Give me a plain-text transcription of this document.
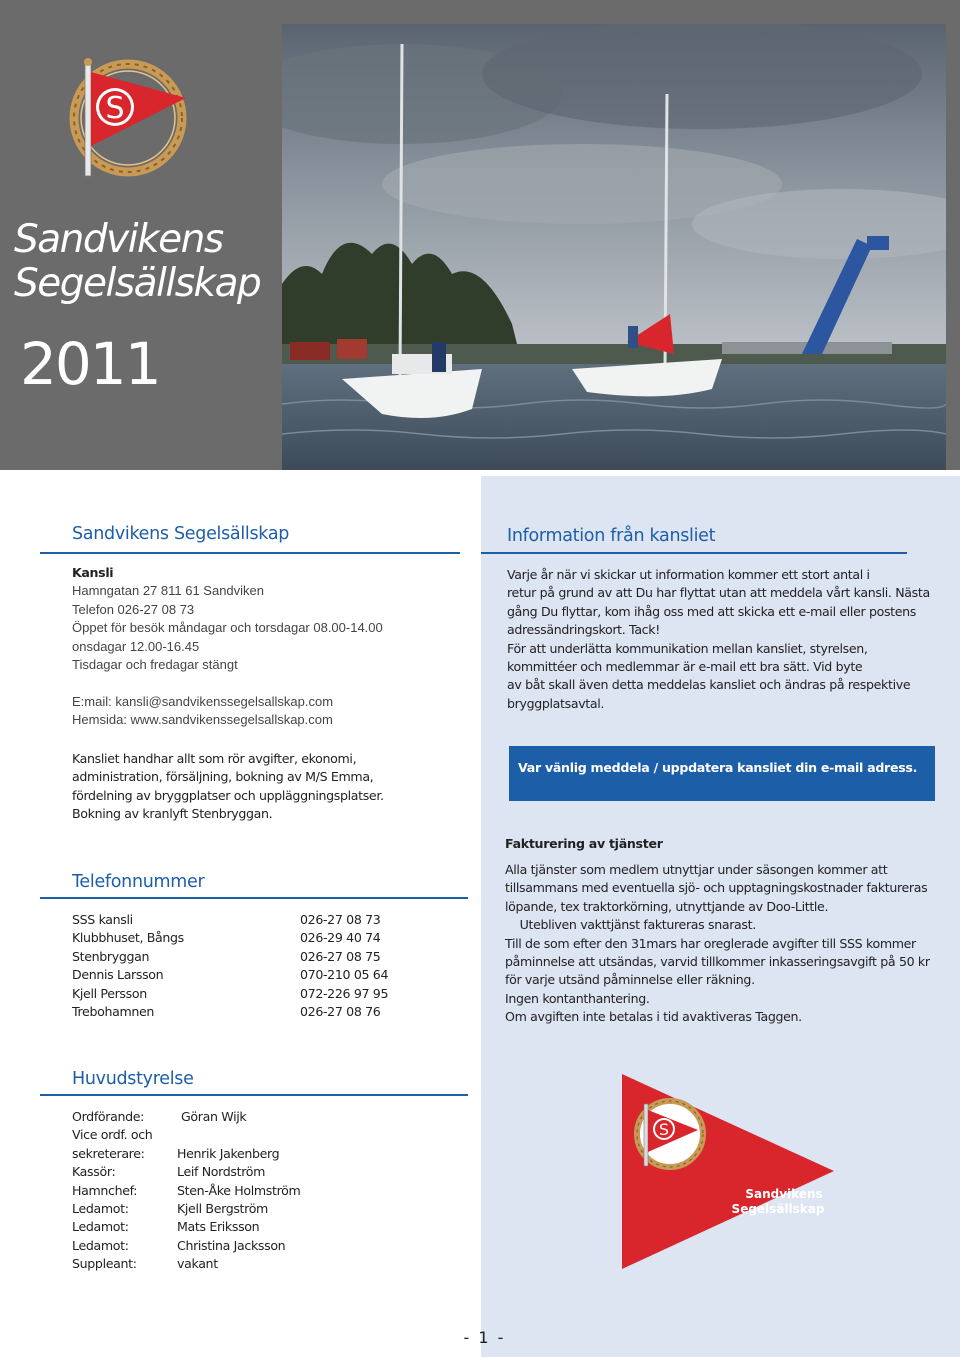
S
Sandvikens
Segelsällskap
2011
Sandvikens Segelsällskap
Kansli
Hamngatan 27 811 61 Sandviken
Telefon 026-27 08 73
Öppet för besök måndagar och torsdagar 08.00-14.00
onsdagar 12.00-16.45
Tisdagar och fredagar stängt
E:mail: kansli@sandvikenssegelsallskap.com
Hemsida: www.sandvikenssegelsallskap.com
Kansliet handhar allt som rör avgifter, ekonomi,
administration, försäljning, bokning av M/S Emma,
fördelning av bryggplatser och uppläggningsplatser.
Bokning av kranlyft Stenbryggan.
Telefonnummer
SSS kansli	026-27 08 73
Klubbhuset, Bångs	026-29 40 74
Stenbryggan	026-27 08 75
Dennis Larsson	070-210 05 64
Kjell Persson	072-226 97 95
Trebohamnen	026-27 08 76
Huvudstyrelse
Ordförande:	Göran Wijk
Vice ordf. och
sekreterare:	Henrik Jakenberg
Kassör:	Leif Nordström
Hamnchef:	Sten-Åke Holmström
Ledamot:	Kjell Bergström
Ledamot:	Mats Eriksson
Ledamot:	Christina Jacksson
Suppleant:	vakant
Information från kansliet
Varje år när vi skickar ut information kommer ett stort antal i
retur på grund av att Du har flyttat utan att meddela vårt kansli. Nästa
gång Du flyttar, kom ihåg oss med att skicka ett e-mail eller postens
adressändringskort. Tack!
För att underlätta kommunikation mellan kansliet, styrelsen,
kommittéer och medlemmar är e-mail ett bra sätt. Vid byte
av båt skall även detta meddelas kansliet och ändras på respektive
bryggplatsavtal.
Var vänlig meddela / uppdatera kansliet din e-mail adress.
Fakturering av tjänster
Alla tjänster som medlem utnyttjar under säsongen kommer att
tillsammans med eventuella sjö- och upptagningskostnader faktureras
löpande, tex traktorkörning, utnyttjande av Doo-Little.
Utebliven vakttjänst faktureras snarast.
Till de som efter den 31mars har oreglerade avgifter till SSS kommer
påminnelse att utsändas, varvid tillkommer inkasseringsavgift på 50 kr
för varje utsänd påminnelse eller räkning.
Ingen kontanthantering.
Om avgiften inte betalas i tid avaktiveras Taggen.
S
Sandvikens
Segelsällskap
- 1 -
